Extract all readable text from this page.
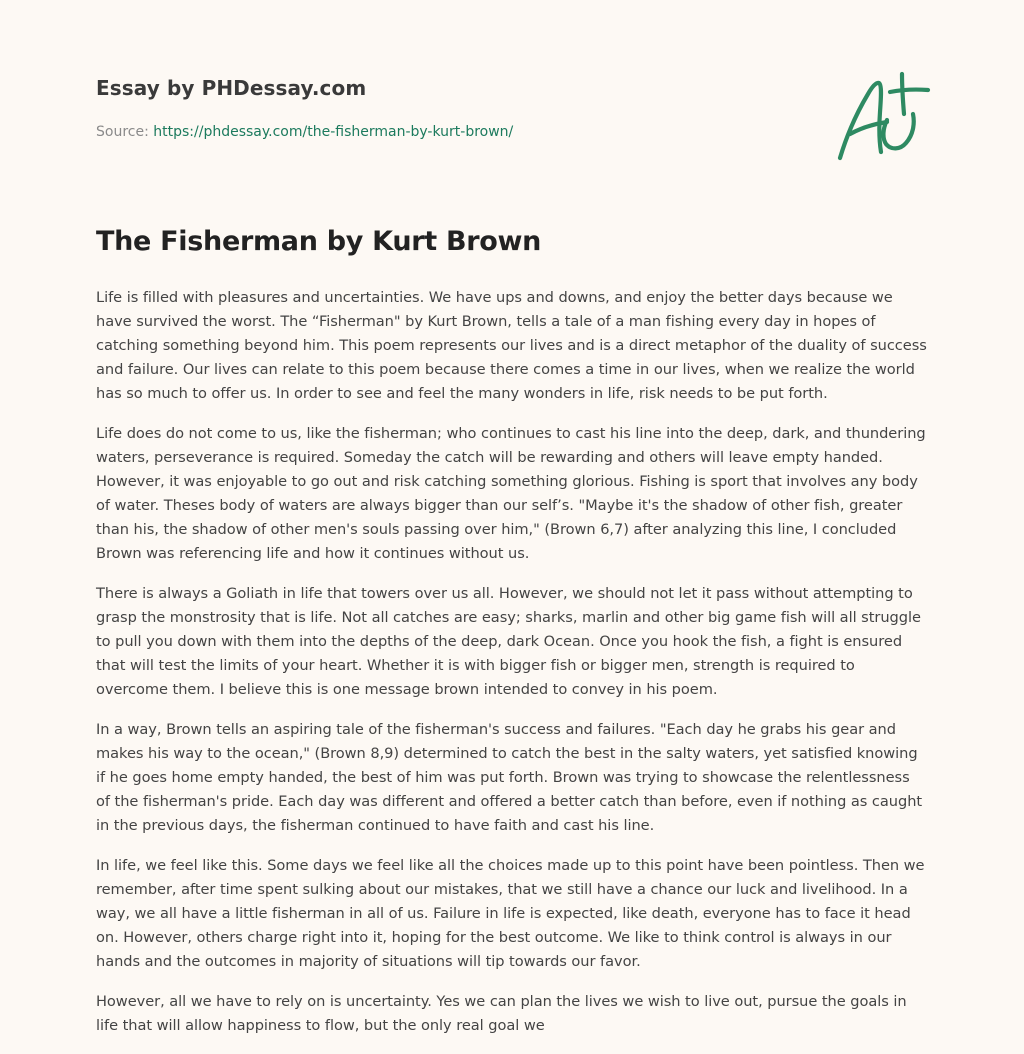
Essay by PHDessay.com
Source: https://phdessay.com/the-fisherman-by-kurt-brown/
The Fisherman by Kurt Brown

Life is filled with pleasures and uncertainties. We have ups and downs, and enjoy the better days because we have survived the worst. The “Fisherman" by Kurt Brown, tells a tale of a man fishing every day in hopes of catching something beyond him. This poem represents our lives and is a direct metaphor of the duality of success and failure. Our lives can relate to this poem because there comes a time in our lives, when we realize the world has so much to offer us. In order to see and feel the many wonders in life, risk needs to be put forth.

Life does do not come to us, like the fisherman; who continues to cast his line into the deep, dark, and thundering waters, perseverance is required. Someday the catch will be rewarding and others will leave empty handed. However, it was enjoyable to go out and risk catching something glorious. Fishing is sport that involves any body of water. Theses body of waters are always bigger than our self’s. "Maybe it's the shadow of other fish, greater than his, the shadow of other men's souls passing over him," (Brown 6,7) after analyzing this line, I concluded Brown was referencing life and how it continues without us.

There is always a Goliath in life that towers over us all. However, we should not let it pass without attempting to grasp the monstrosity that is life. Not all catches are easy; sharks, marlin and other big game fish will all struggle to pull you down with them into the depths of the deep, dark Ocean. Once you hook the fish, a fight is ensured that will test the limits of your heart. Whether it is with bigger fish or bigger men, strength is required to overcome them. I believe this is one message brown intended to convey in his poem.

In a way, Brown tells an aspiring tale of the fisherman's success and failures. "Each day he grabs his gear and makes his way to the ocean," (Brown 8,9) determined to catch the best in the salty waters, yet satisfied knowing if he goes home empty handed, the best of him was put forth. Brown was trying to showcase the relentlessness of the fisherman's pride. Each day was different and offered a better catch than before, even if nothing as caught in the previous days, the fisherman continued to have faith and cast his line.

In life, we feel like this. Some days we feel like all the choices made up to this point have been pointless. Then we remember, after time spent sulking about our mistakes, that we still have a chance our luck and livelihood. In a way, we all have a little fisherman in all of us. Failure in life is expected, like death, everyone has to face it head on. However, others charge right into it, hoping for the best outcome. We like to think control is always in our hands and the outcomes in majority of situations will tip towards our favor.

However, all we have to rely on is uncertainty. Yes we can plan the lives we wish to live out, pursue the goals in life that will allow happiness to flow, but the only real goal we
